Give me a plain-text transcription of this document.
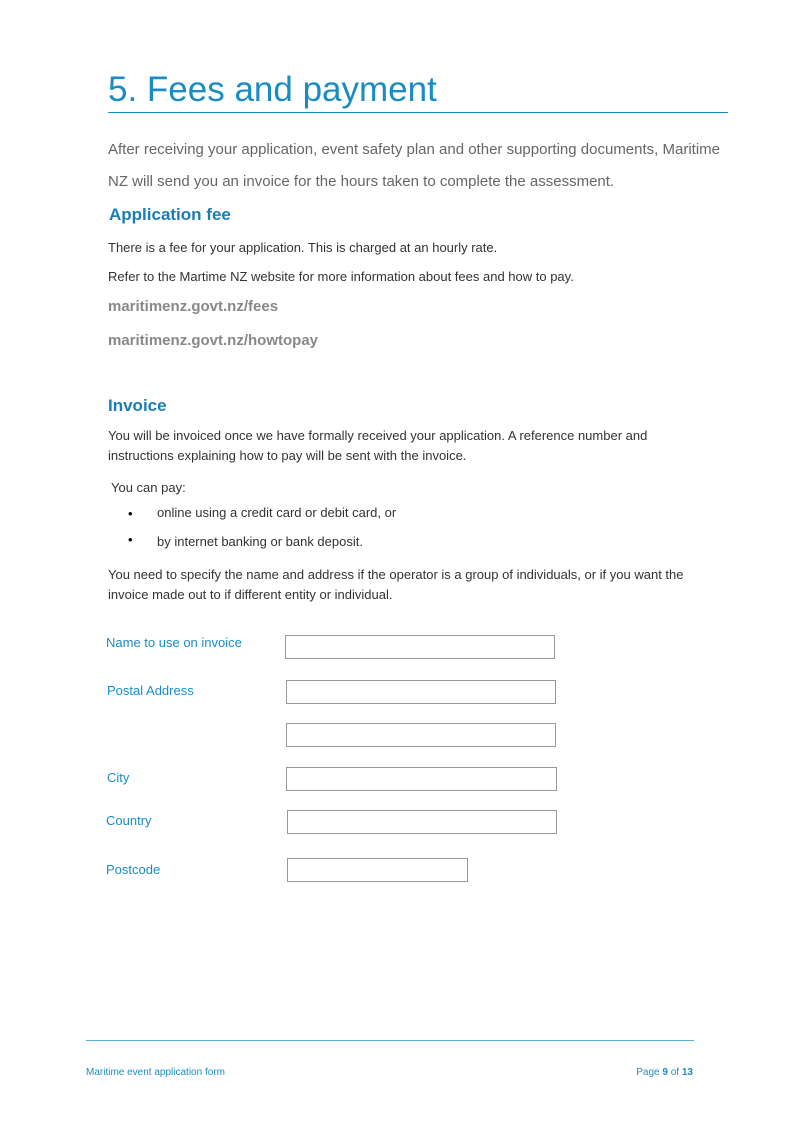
5. Fees and payment
After receiving your application, event safety plan and other supporting documents, Maritime NZ will send you an invoice for the hours taken to complete the assessment.
Application fee
There is a fee for your application. This is charged at an hourly rate.
Refer to the Martime NZ website for more information about fees and how to pay.
maritimenz.govt.nz/fees
maritimenz.govt.nz/howtopay
Invoice
You will be invoiced once we have formally received your application. A reference number and instructions explaining how to pay will be sent with the invoice.
You can pay:
• online using a credit card or debit card, or
• by internet banking or bank deposit.
You need to specify the name and address if the operator is a group of individuals, or if you want the invoice made out to if different entity or individual.
Name to use on invoice
Postal Address
City
Country
Postcode
Maritime event application form	Page 9 of 13
